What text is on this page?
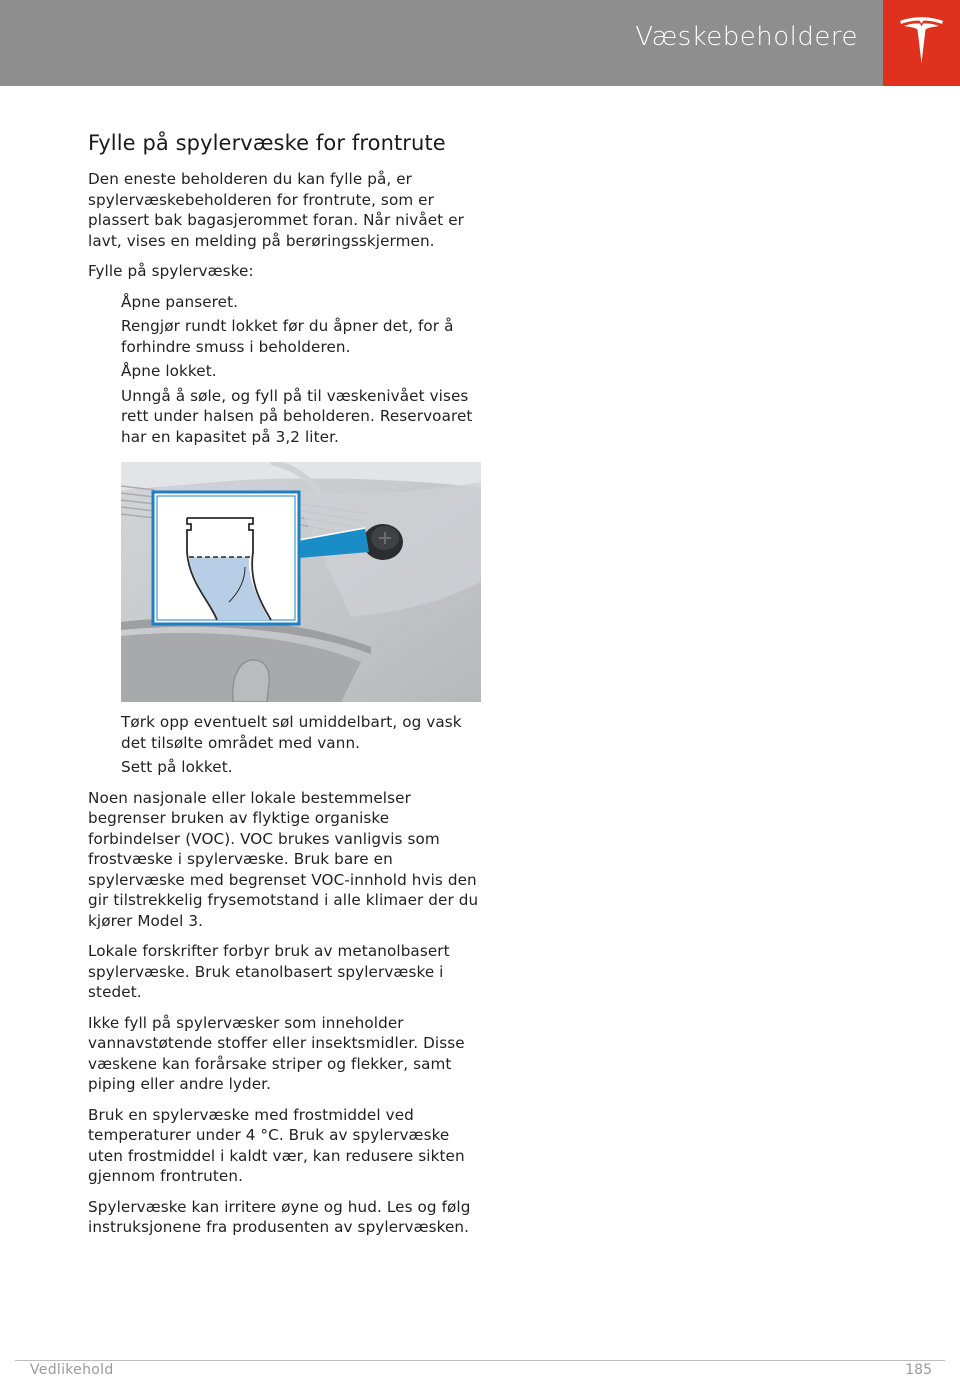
Væskebeholdere
Fylle på spylervæske for frontrute

Den eneste beholderen du kan fylle på, er spylervæskebeholderen for frontrute, som er plassert bak bagasjerommet foran. Når nivået er lavt, vises en melding på berøringsskjermen.

Fylle på spylervæske:

Åpne panseret.
Rengjør rundt lokket før du åpner det, for å forhindre smuss i beholderen.
Åpne lokket.
Unngå å søle, og fyll på til væskenivået vises rett under halsen på beholderen. Reservoaret har en kapasitet på 3,2 liter.
Tørk opp eventuelt søl umiddelbart, og vask det tilsølte området med vann.
Sett på lokket.

Noen nasjonale eller lokale bestemmelser begrenser bruken av flyktige organiske forbindelser (VOC). VOC brukes vanligvis som frostvæske i spylervæske. Bruk bare en spylervæske med begrenset VOC-innhold hvis den gir tilstrekkelig frysemotstand i alle klimaer der du kjører Model 3.

Lokale forskrifter forbyr bruk av metanolbasert spylervæske. Bruk etanolbasert spylervæske i stedet.

Ikke fyll på spylervæsker som inneholder vannavstøtende stoffer eller insektsmidler. Disse væskene kan forårsake striper og flekker, samt piping eller andre lyder.

Bruk en spylervæske med frostmiddel ved temperaturer under 4 °C. Bruk av spylervæske uten frostmiddel i kaldt vær, kan redusere sikten gjennom frontruten.

Spylervæske kan irritere øyne og hud. Les og følg instruksjonene fra produsenten av spylervæsken.

Vedlikehold	185
